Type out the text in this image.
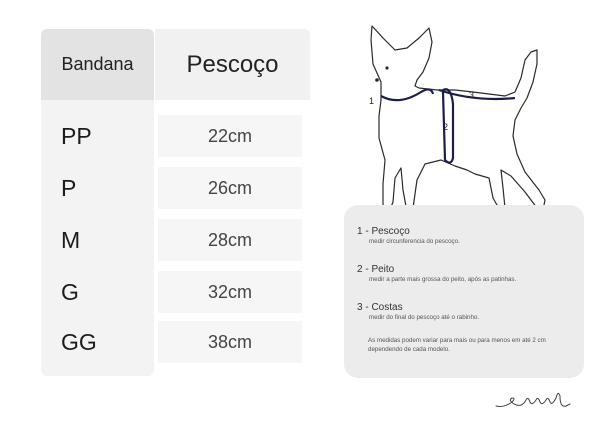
Bandana	Pescoço
PP	22cm
P	26cm
M	28cm
G	32cm
GG	38cm
1
2
3
1 - Pescoço
medir circunferencia do pescoço.
2 - Peito
medir a parte mais grossa do peito, após as patinhas.
3 - Costas
medir do final do pescoço até o rabinho.
As medidas podem variar para mais ou para menos em até 2 cm dependendo de cada modelo.
